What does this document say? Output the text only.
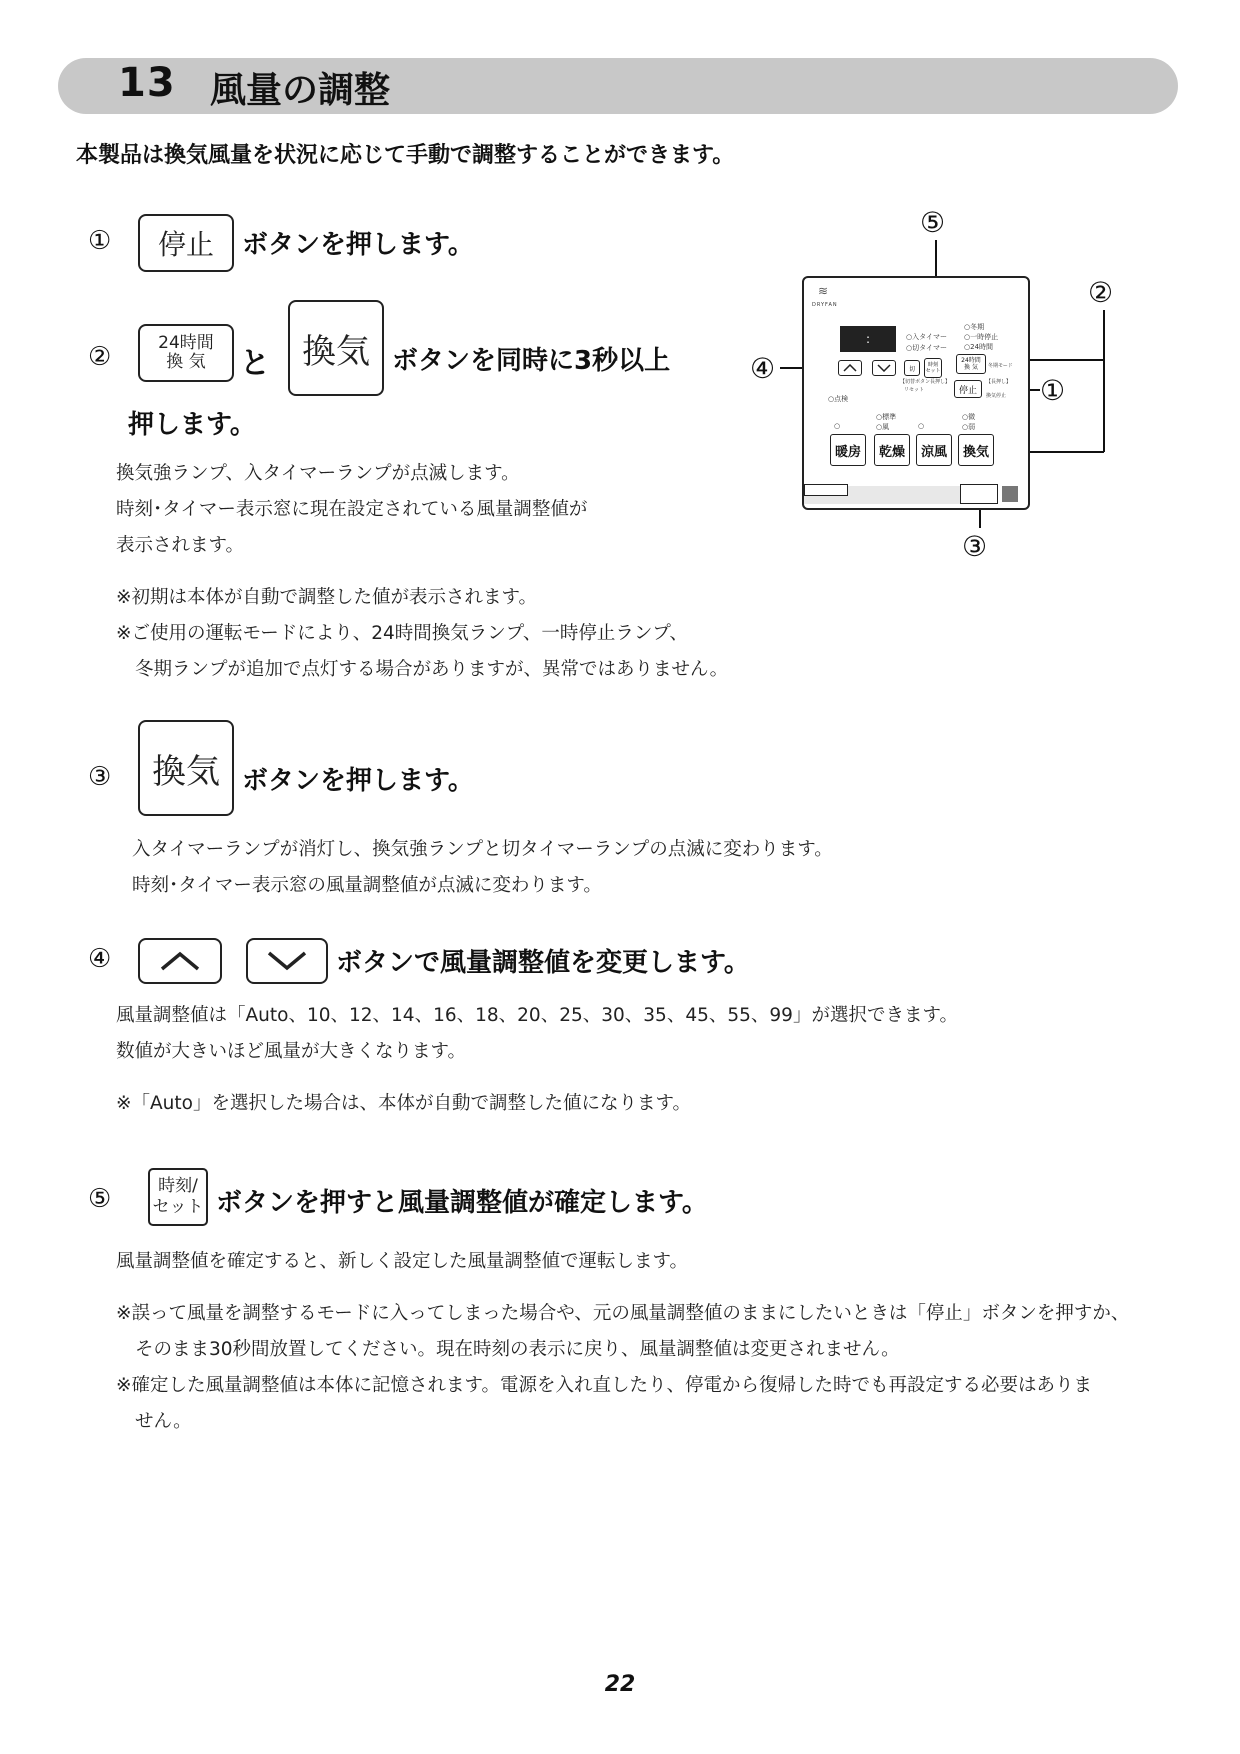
13 風量の調整
本製品は換気風量を状況に応じて手動で調整することができます。
① 停止 ボタンを押します。
②	24時間
換 気 と 換気 ボタンを同時に3秒以上
押します。
換気強ランプ、入タイマーランプが点滅します。
時刻･タイマー表示窓に現在設定されている風量調整値が
表示されます。
※初期は本体が自動で調整した値が表示されます。
※ご使用の運転モードにより、24時間換気ランプ、一時停止ランプ、
冬期ランプが追加で点灯する場合がありますが、異常ではありません。
③ 換気 ボタンを押します。
入タイマーランプが消灯し、換気強ランプと切タイマーランプの点滅に変わります。
時刻･タイマー表示窓の風量調整値が点滅に変わります。
④	ボタンで風量調整値を変更します。
風量調整値は「Auto、10、12、14、16、18、20、25、30、35、45、55、99」が選択できます。
数値が大きいほど風量が大きくなります。
※「Auto」を選択した場合は、本体が自動で調整した値になります。
⑤	時刻/
セット ボタンを押すと風量調整値が確定します。
風量調整値を確定すると、新しく設定した風量調整値で運転します。
※誤って風量を調整するモードに入ってしまった場合や、元の風量調整値のままにしたいときは「停止」ボタンを押すか、
そのまま30秒間放置してください。現在時刻の表示に戻り、風量調整値は変更されません。
※確定した風量調整値は本体に記憶されます。電源を入れ直したり、停電から復帰した時でも再設定する必要はありま
せん。
⑤
②
④
①
③
≋
DRYFAN
:	○入タイマー
○切タイマー
○冬期
○一時停止
○24時間
切
時刻
セット
【切替ボタン長押し】
リセット
24時間
換 気 冬期モード
停止
【長押し】
換気停止
○点検
○標準
○風
○微
○弱
○	○
暖房 乾燥 涼風 換気
22
